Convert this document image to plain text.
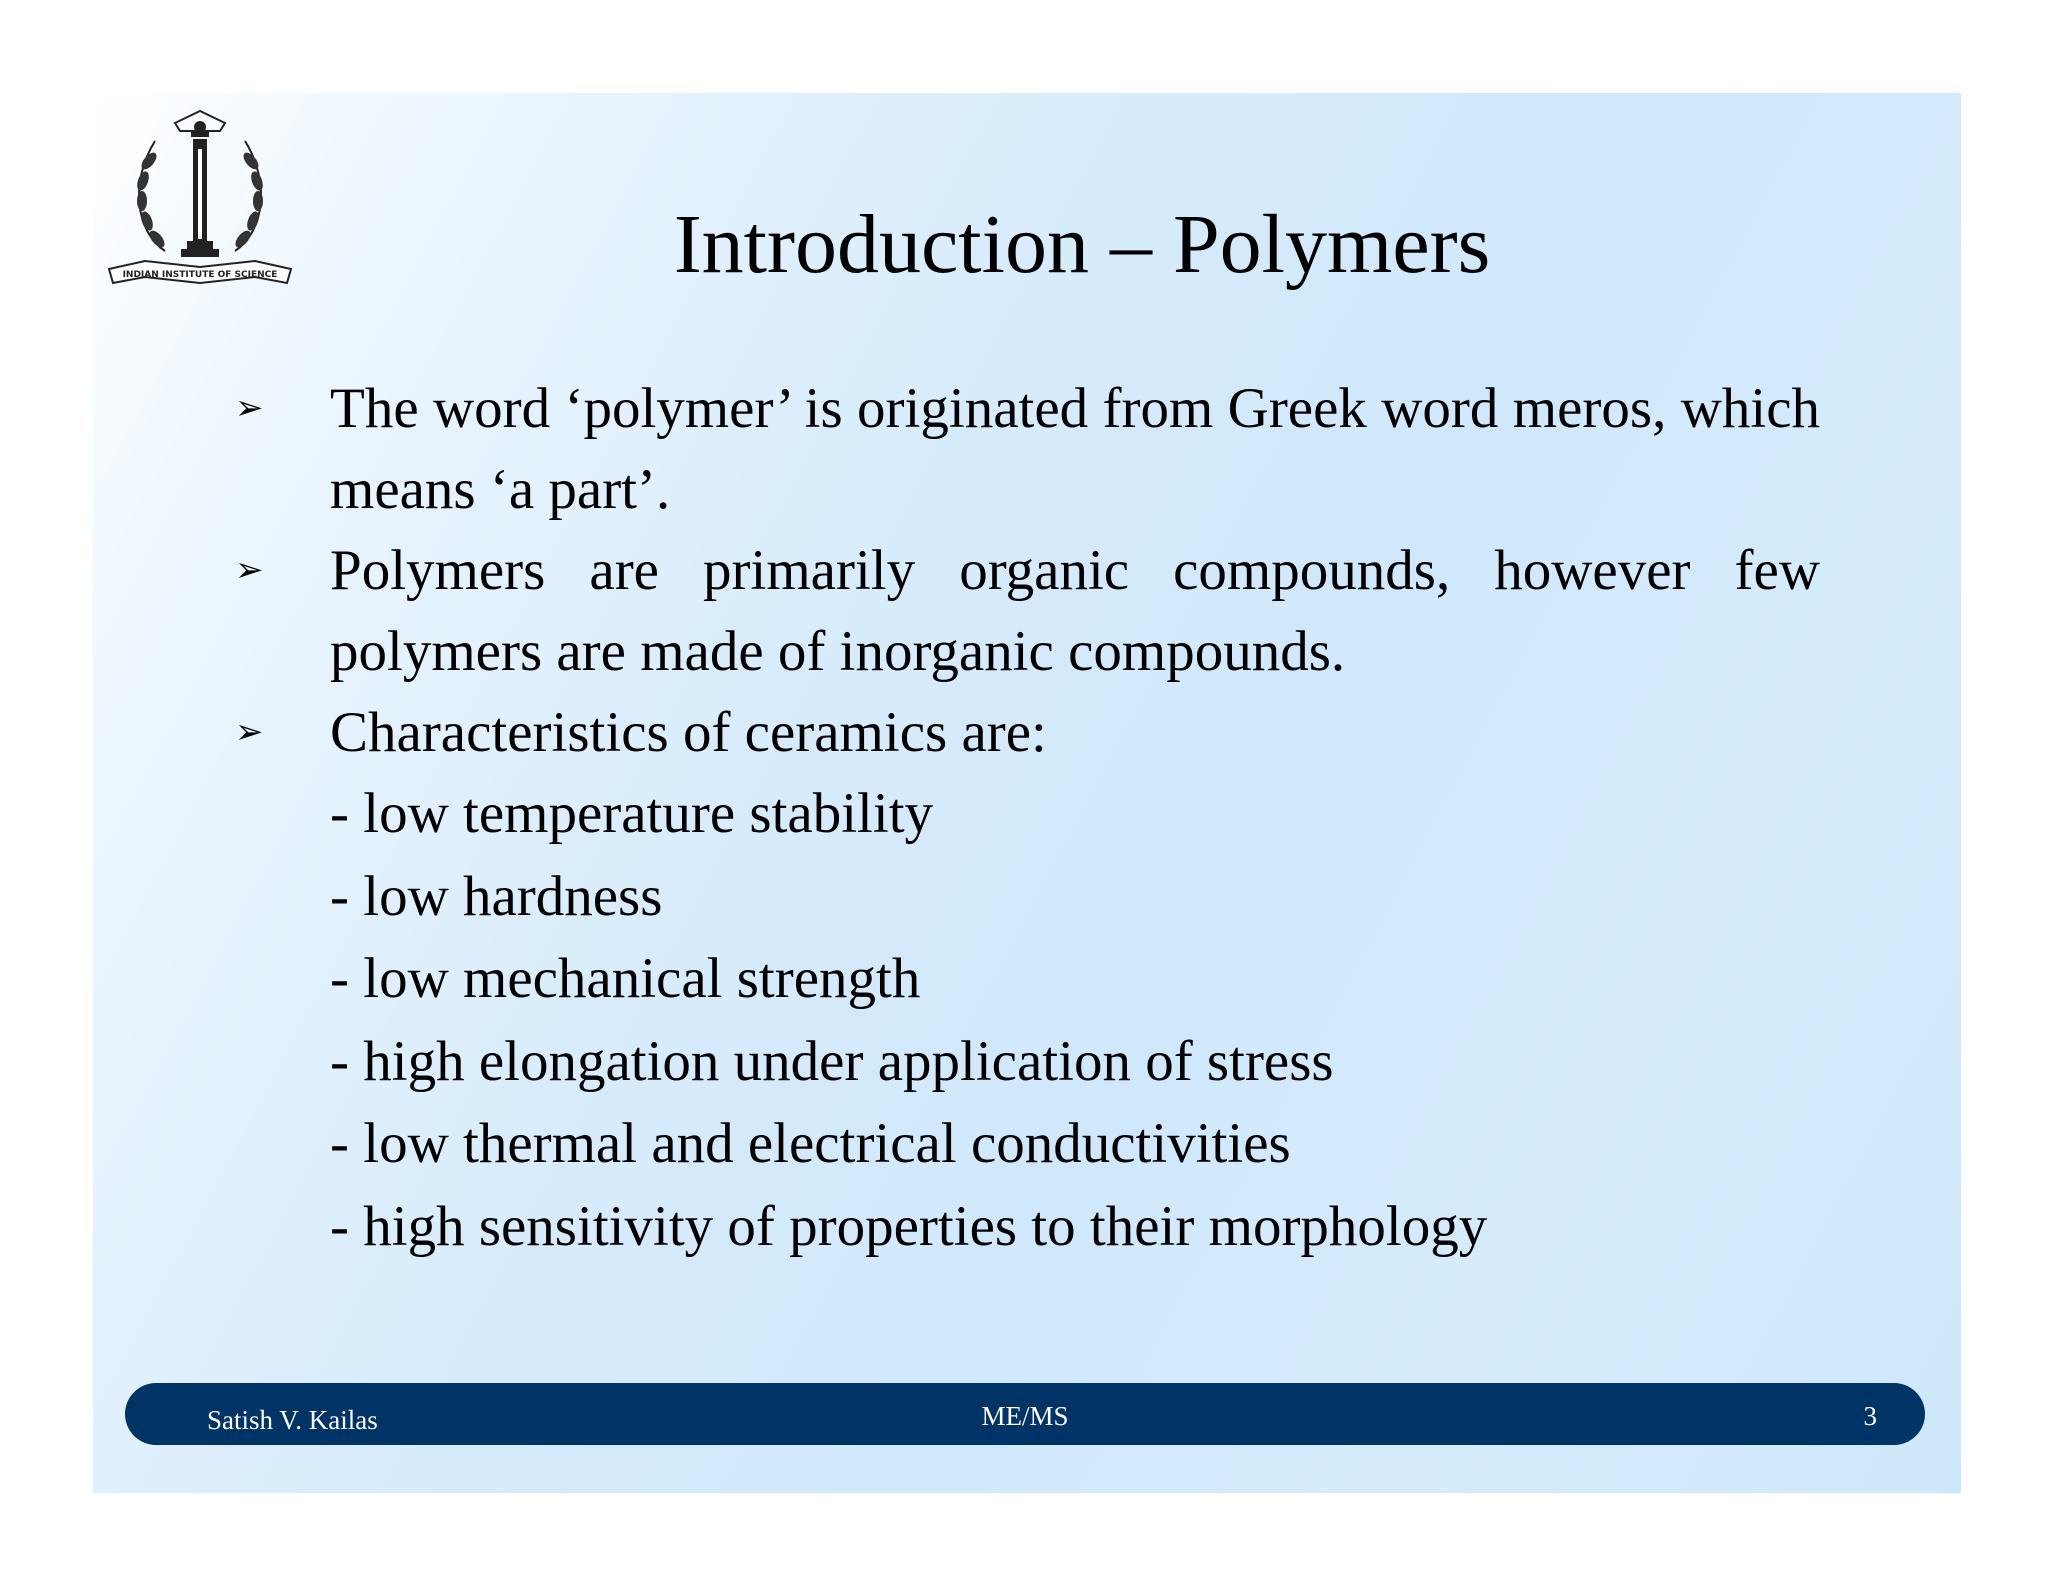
INDIAN INSTITUTE OF SCIENCE	Introduction – Polymers
➢ The word ‘polymer’ is originated from Greek word meros, which means ‘a part’.
➢ Polymers are primarily organic compounds, however few polymers are made of inorganic compounds.
➢ Characteristics of ceramics are:
- low temperature stability
- low hardness
- low mechanical strength
- high elongation under application of stress
- low thermal and electrical conductivities
- high sensitivity of properties to their morphology
Satish V. Kailas	ME/MS	3
